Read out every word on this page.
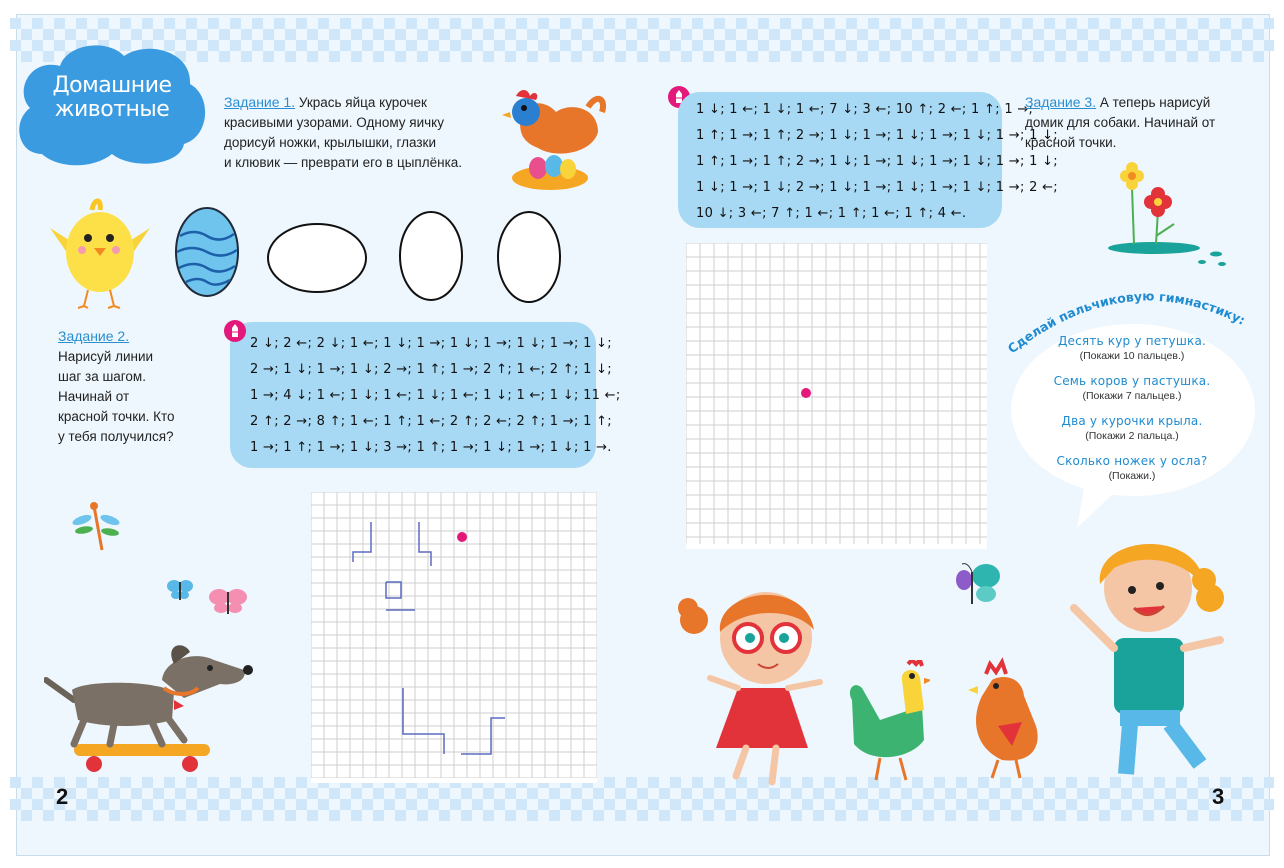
Домашние животные	Задание 1. Укрась яйца курочек
красивыми узорами. Одному яичку
дорисуй ножки, крылышки, глазки
и клювик — преврати его в цыплёнка.
Задание 2.
Нарисуй линии
шаг за шагом.
Начинай от
красной точки. Кто
у тебя получился?
2 ↓; 2 ←; 2 ↓; 1 ←; 1 ↓; 1 →; 1 ↓; 1 →; 1 ↓; 1 →; 1 ↓;
2 →; 1 ↓; 1 →; 1 ↓; 2 →; 1 ↑; 1 →; 2 ↑; 1 ←; 2 ↑; 1 ↓;
1 →; 4 ↓; 1 ←; 1 ↓; 1 ←; 1 ↓; 1 ←; 1 ↓; 1 ←; 1 ↓; 11 ←;
2 ↑; 2 →; 8 ↑; 1 ←; 1 ↑; 1 ←; 2 ↑; 2 ←; 2 ↑; 1 →; 1 ↑;
1 →; 1 ↑; 1 →; 1 ↓; 3 →; 1 ↑; 1 →; 1 ↓; 1 →; 1 ↓; 1 →.
1 ↓; 1 ←; 1 ↓; 1 ←; 7 ↓; 3 ←; 10 ↑; 2 ←; 1 ↑; 1 →;
1 ↑; 1 →; 1 ↑; 2 →; 1 ↓; 1 →; 1 ↓; 1 →; 1 ↓; 1 →; 1 ↓;
1 ↑; 1 →; 1 ↑; 2 →; 1 ↓; 1 →; 1 ↓; 1 →; 1 ↓; 1 →; 1 ↓;
1 ↓; 1 →; 1 ↓; 2 →; 1 ↓; 1 →; 1 ↓; 1 →; 1 ↓; 1 →; 2 ←;
10 ↓; 3 ←; 7 ↑; 1 ←; 1 ↑; 1 ←; 1 ↑; 4 ←.
Задание 3. А теперь нарисуй
домик для собаки. Начинай от
красной точки.
Десять кур у петушка.
(Покажи 10 пальцев.)
Семь коров у пастушка.
(Покажи 7 пальцев.)
Два у курочки крыла.
(Покажи 2 пальца.)
Сколько ножек у осла?
(Покажи.)
Сделай пальчиковую гимнастику:
2	3
